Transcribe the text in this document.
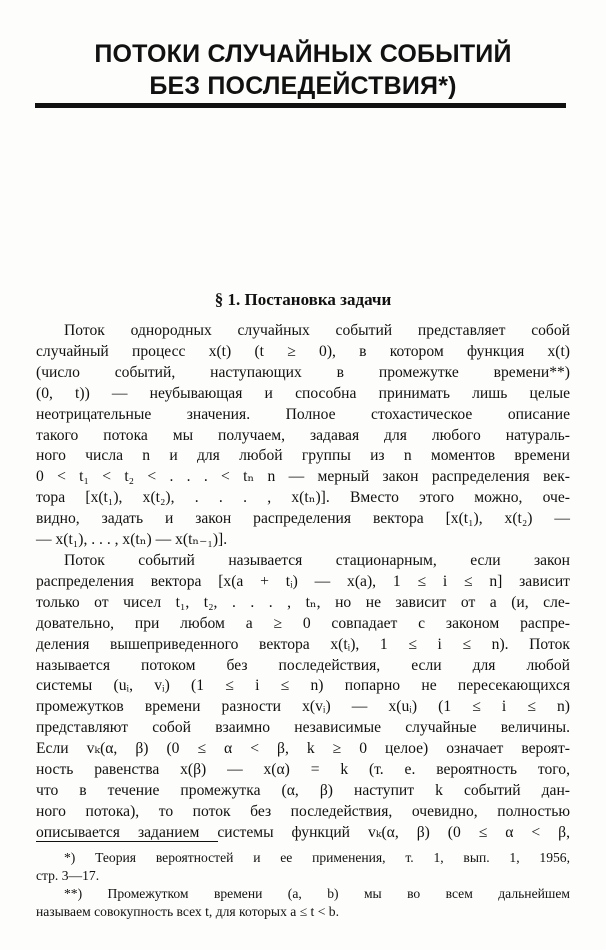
ПОТОКИ СЛУЧАЙНЫХ СОБЫТИЙ
БЕЗ ПОСЛЕДЕЙСТВИЯ*)
§ 1. Постановка задачи
Поток однородных случайных событий представляет собой
случайный процесс x(t) (t ≥ 0), в котором функция x(t)
(число событий, наступающих в промежутке времени**)
(0, t)) — неубывающая и способна принимать лишь целые
неотрицательные значения. Полное стохастическое описание
такого потока мы получаем, задавая для любого натураль-
ного числа n и для любой группы из n моментов времени
0 < t₁ < t₂ < . . . < tₙ n — мерный закон распределения век-
тора [x(t₁), x(t₂), . . . , x(tₙ)]. Вместо этого можно, оче-
видно, задать и закон распределения вектора [x(t₁), x(t₂) —
— x(t₁), . . . , x(tₙ) — x(tₙ₋₁)].
Поток событий называется стационарным, если закон
распределения вектора [x(a + tᵢ) — x(a), 1 ≤ i ≤ n] зависит
только от чисел t₁, t₂, . . . , tₙ, но не зависит от a (и, сле-
довательно, при любом a ≥ 0 совпадает с законом распре-
деления вышеприведенного вектора x(tᵢ), 1 ≤ i ≤ n). Поток
называется потоком без последействия, если для любой
системы (uᵢ, vᵢ) (1 ≤ i ≤ n) попарно не пересекающихся
промежутков времени разности x(vᵢ) — x(uᵢ) (1 ≤ i ≤ n)
представляют собой взаимно независимые случайные величины.
Если vₖ(α, β) (0 ≤ α < β, k ≥ 0 целое) означает вероят-
ность равенства x(β) — x(α) = k (т. е. вероятность того,
что в течение промежутка (α, β) наступит k событий дан-
ного потока), то поток без последействия, очевидно, полностью
описывается заданием системы функций vₖ(α, β) (0 ≤ α < β,
*) Теория вероятностей и ее применения, т. 1, вып. 1, 1956,
стр. 3—17.
**) Промежутком времени (a, b) мы во всем дальнейшем
называем совокупность всех t, для которых a ≤ t < b.
